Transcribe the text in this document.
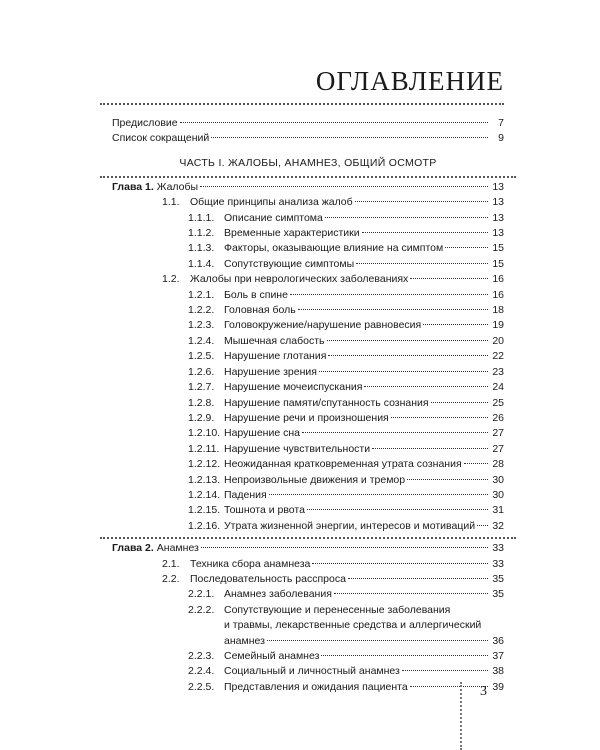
ОГЛАВЛЕНИЕ
Предисловие	7
Список сокращений	9
ЧАСТЬ I. ЖАЛОБЫ, АНАМНЕЗ, ОБЩИЙ ОСМОТР
Глава 1. Жалобы	13
1.1. Общие принципы анализа жалоб	13
1.1.1. Описание симптома	13
1.1.2. Временные характеристики	13
1.1.3. Факторы, оказывающие влияние на симптом	15
1.1.4. Сопутствующие симптомы	15
1.2. Жалобы при неврологических заболеваниях	16
1.2.1. Боль в спине	16
1.2.2. Головная боль	18
1.2.3. Головокружение/нарушение равновесия	19
1.2.4. Мышечная слабость	20
1.2.5. Нарушение глотания	22
1.2.6. Нарушение зрения	23
1.2.7. Нарушение мочеиспускания	24
1.2.8. Нарушение памяти/спутанность сознания	25
1.2.9. Нарушение речи и произношения	26
1.2.10. Нарушение сна	27
1.2.11. Нарушение чувствительности	27
1.2.12. Неожиданная кратковременная утрата сознания	28
1.2.13. Непроизвольные движения и тремор	30
1.2.14. Падения	30
1.2.15. Тошнота и рвота	31
1.2.16. Утрата жизненной энергии, интересов и мотиваций 32
Глава 2. Анамнез	33
2.1. Техника сбора анамнеза	33
2.2. Последовательность расспроса	35
2.2.1. Анамнез заболевания	35
2.2.2. Сопутствующие и перенесенные заболевания
и травмы, лекарственные средства и аллергический
анамнез	36
2.2.3. Семейный анамнез	37
2.2.4. Социальный и личностный анамнез	38
2.2.5. Представления и ожидания пациента	39
3
